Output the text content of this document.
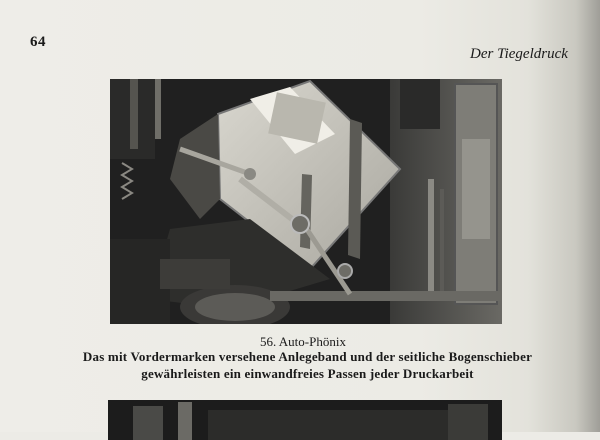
64
Der Tiegeldruck
56. Auto-Phönix
Das mit Vordermarken versehene Anlegeband und der seitliche Bogenschieber
gewährleisten ein einwandfreies Passen jeder Druckarbeit
